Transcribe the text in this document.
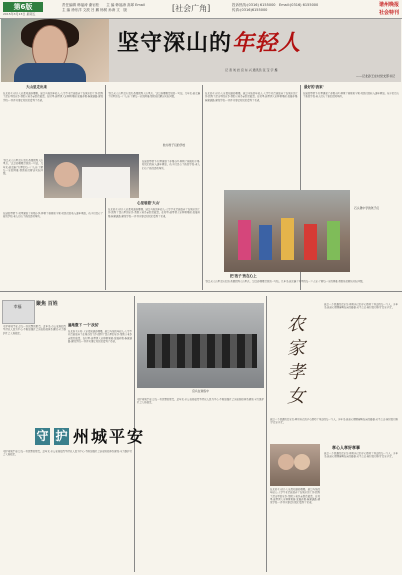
第6版
2015年3月13日 星期五
责任编辑 韩福涛 谢岩松　　主 编 韩福涛 高翠 Email
主 编 徐东洋 文波 吕 鹏 杨树 孙涛 文　版	[社会广角]	投诉热线:(0316) 6155000　Email:(0316) 6155000
传真:(0316)6155000
谐州晚报
社会特刊
坚守深山的年轻人
记 者 刘 岩 宫 东 兴 通讯员 张 宝 宇 摄
　　——记北孙王庄村党支部书记
大山里走出来
在北孙王庄村,大家都知道孙娜娜。她是当地的年轻人,大学毕业后她放弃了在城市的工作,回到了深山里的家乡,帮助父老乡亲脱贫致富。在村里,她带领大家种植果树,发展养殖,修建道路,建设学校,一件件实事让村民们看到了希望。
他为孩子们的学校
'我是从大山里走出来的,我要回到大山里去。'这是孙娜娜常说的一句话。几年来,她走遍了村里的每一户人家,了解每一家的困难,帮助他们解决实际问题。
在她的带领下,村里建起了养殖小区,种植了核桃和苹果,村民们的收入逐年增加。孩子们也有了新的学校,老人们有了新的活动场所。
'我是从大山里走出来的,我要回到大山里去。'这是孙娜娜常说的一句话。几年来,她走遍了村里的每一户人家,了解每一家的困难,帮助他们解决实际问题。
在她的带领下,村里建起了养殖小区,种植了核桃和苹果,村民们的收入逐年增加。孩子们也有了新的学校,老人们有了新的活动场所。
心里装着'大山'
在北孙王庄村,大家都知道孙娜娜。她是当地的年轻人,大学毕业后她放弃了在城市的工作,回到了深山里的家乡,帮助父老乡亲脱贫致富。在村里,她带领大家种植果树,发展养殖,修建道路,建设学校,一件件实事让村民们看到了希望。
最好的'我家'
在北孙王庄村,大家都知道孙娜娜。她是当地的年轻人,大学毕业后她放弃了在城市的工作,回到了深山里的家乡,帮助父老乡亲脱贫致富。在村里,她带领大家种植果树,发展养殖,修建道路,建设学校,一件件实事让村民们看到了希望。
在她的带领下,村里建起了养殖小区,种植了核桃和苹果,村民们的收入逐年增加。孩子们也有了新的学校,老人们有了新的活动场所。
石头堡中学的孩子们
把'孩子'放在心上
'我是从大山里走出来的,我要回到大山里去。'这是孙娜娜常说的一句话。几年来,她走遍了村里的每一户人家,了解每一家的困难,帮助他们解决实际问题。
幸福	聚焦 百姓
守护州城平安,是每一名民警的职责。近年来,市公安局始终坚持以人民为中心,不断加强社会治安防控体系建设,全力维护社会大局稳定。
遍地撒下 一个'扶贫'
在北孙王庄村,大家都知道孙娜娜。她是当地的年轻人,大学毕业后她放弃了在城市的工作,回到了深山里的家乡,帮助父老乡亲脱贫致富。在村里,她带领大家种植果树,发展养殖,修建道路,建设学校,一件件实事让村民们看到了希望。
官兵在训练中
守 护 州 城 平 安
守护州城平安,是每一名民警的职责。近年来,市公安局始终坚持以人民为中心,不断加强社会治安防控体系建设,全力维护社会大局稳定。
守护州城平安,是每一名民警的职责。近年来,市公安局始终坚持以人民为中心,不断加强社会治安防控体系建设,全力维护社会大局稳定。
农
家
孝
女
她是一个普通的农家女,却用自己的孝心感动了身边的每一个人。多年来,她悉心照顾瘫痪在床的婆婆,从不言苦,被村民们称为'农家孝女'。
她是一个普通的农家女,却用自己的孝心感动了身边的每一个人。多年来,她悉心照顾瘫痪在床的婆婆,从不言苦,被村民们称为'农家孝女'。
孝心人孝好孝事
她是一个普通的农家女,却用自己的孝心感动了身边的每一个人。多年来,她悉心照顾瘫痪在床的婆婆,从不言苦,被村民们称为'农家孝女'。
在北孙王庄村,大家都知道孙娜娜。她是当地的年轻人,大学毕业后她放弃了在城市的工作,回到了深山里的家乡,帮助父老乡亲脱贫致富。在村里,她带领大家种植果树,发展养殖,修建道路,建设学校,一件件实事让村民们看到了希望。
